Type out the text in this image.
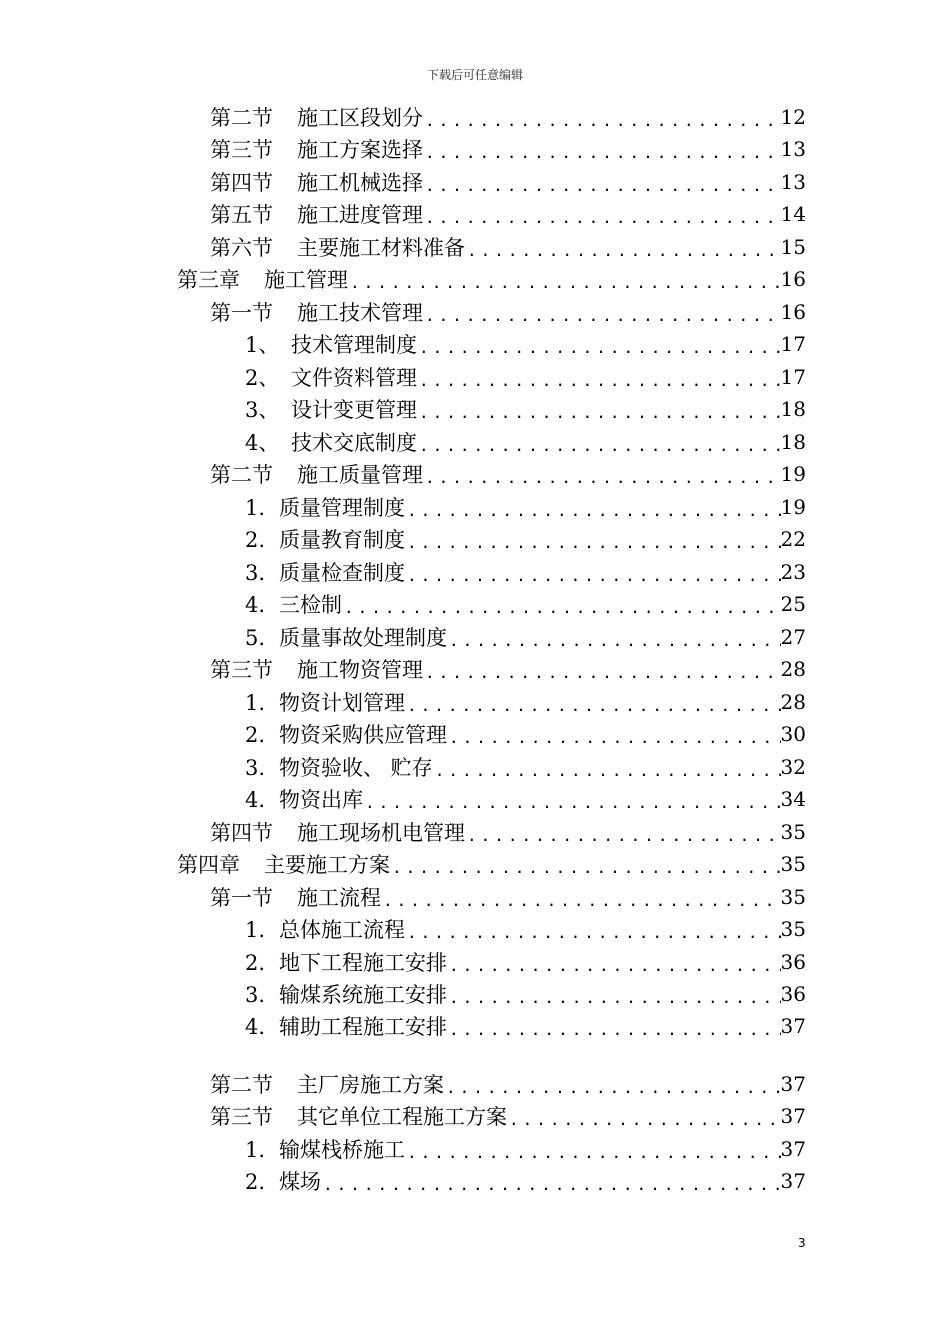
下载后可任意编辑
第二节 施工区段划分 .....	12
第三节 施工方案选择 .....	13
第四节 施工机械选择 .....	13
第五节 施工进度管理 .....	14
第六节 主要施工材料准备 .....	15
第三章 施工管理 .....	16
第一节 施工技术管理 .....	16
1、 技术管理制度 .....	17
2、 文件资料管理 .....	17
3、 设计变更管理 .....	18
4、 技术交底制度 .....	18
第二节 施工质量管理 .....	19
1. 质量管理制度 .....	19
2. 质量教育制度 .....	22
3. 质量检查制度 .....	23
4. 三检制 .....	25
5. 质量事故处理制度 .....	27
第三节 施工物资管理 .....	28
1. 物资计划管理 .....	28
2. 物资采购供应管理 .....	30
3. 物资验收、 贮存 .....	32
4. 物资出库 .....	34
第四节 施工现场机电管理 .....	35
第四章 主要施工方案 .....	35
第一节 施工流程 .....	35
1. 总体施工流程 .....	35
2. 地下工程施工安排 .....	36
3. 输煤系统施工安排 .....	36
4. 辅助工程施工安排 .....	37
第二节 主厂房施工方案 .....	37
第三节 其它单位工程施工方案 .....	37
1. 输煤栈桥施工 .....	37
2. 煤场 .....	37
3
